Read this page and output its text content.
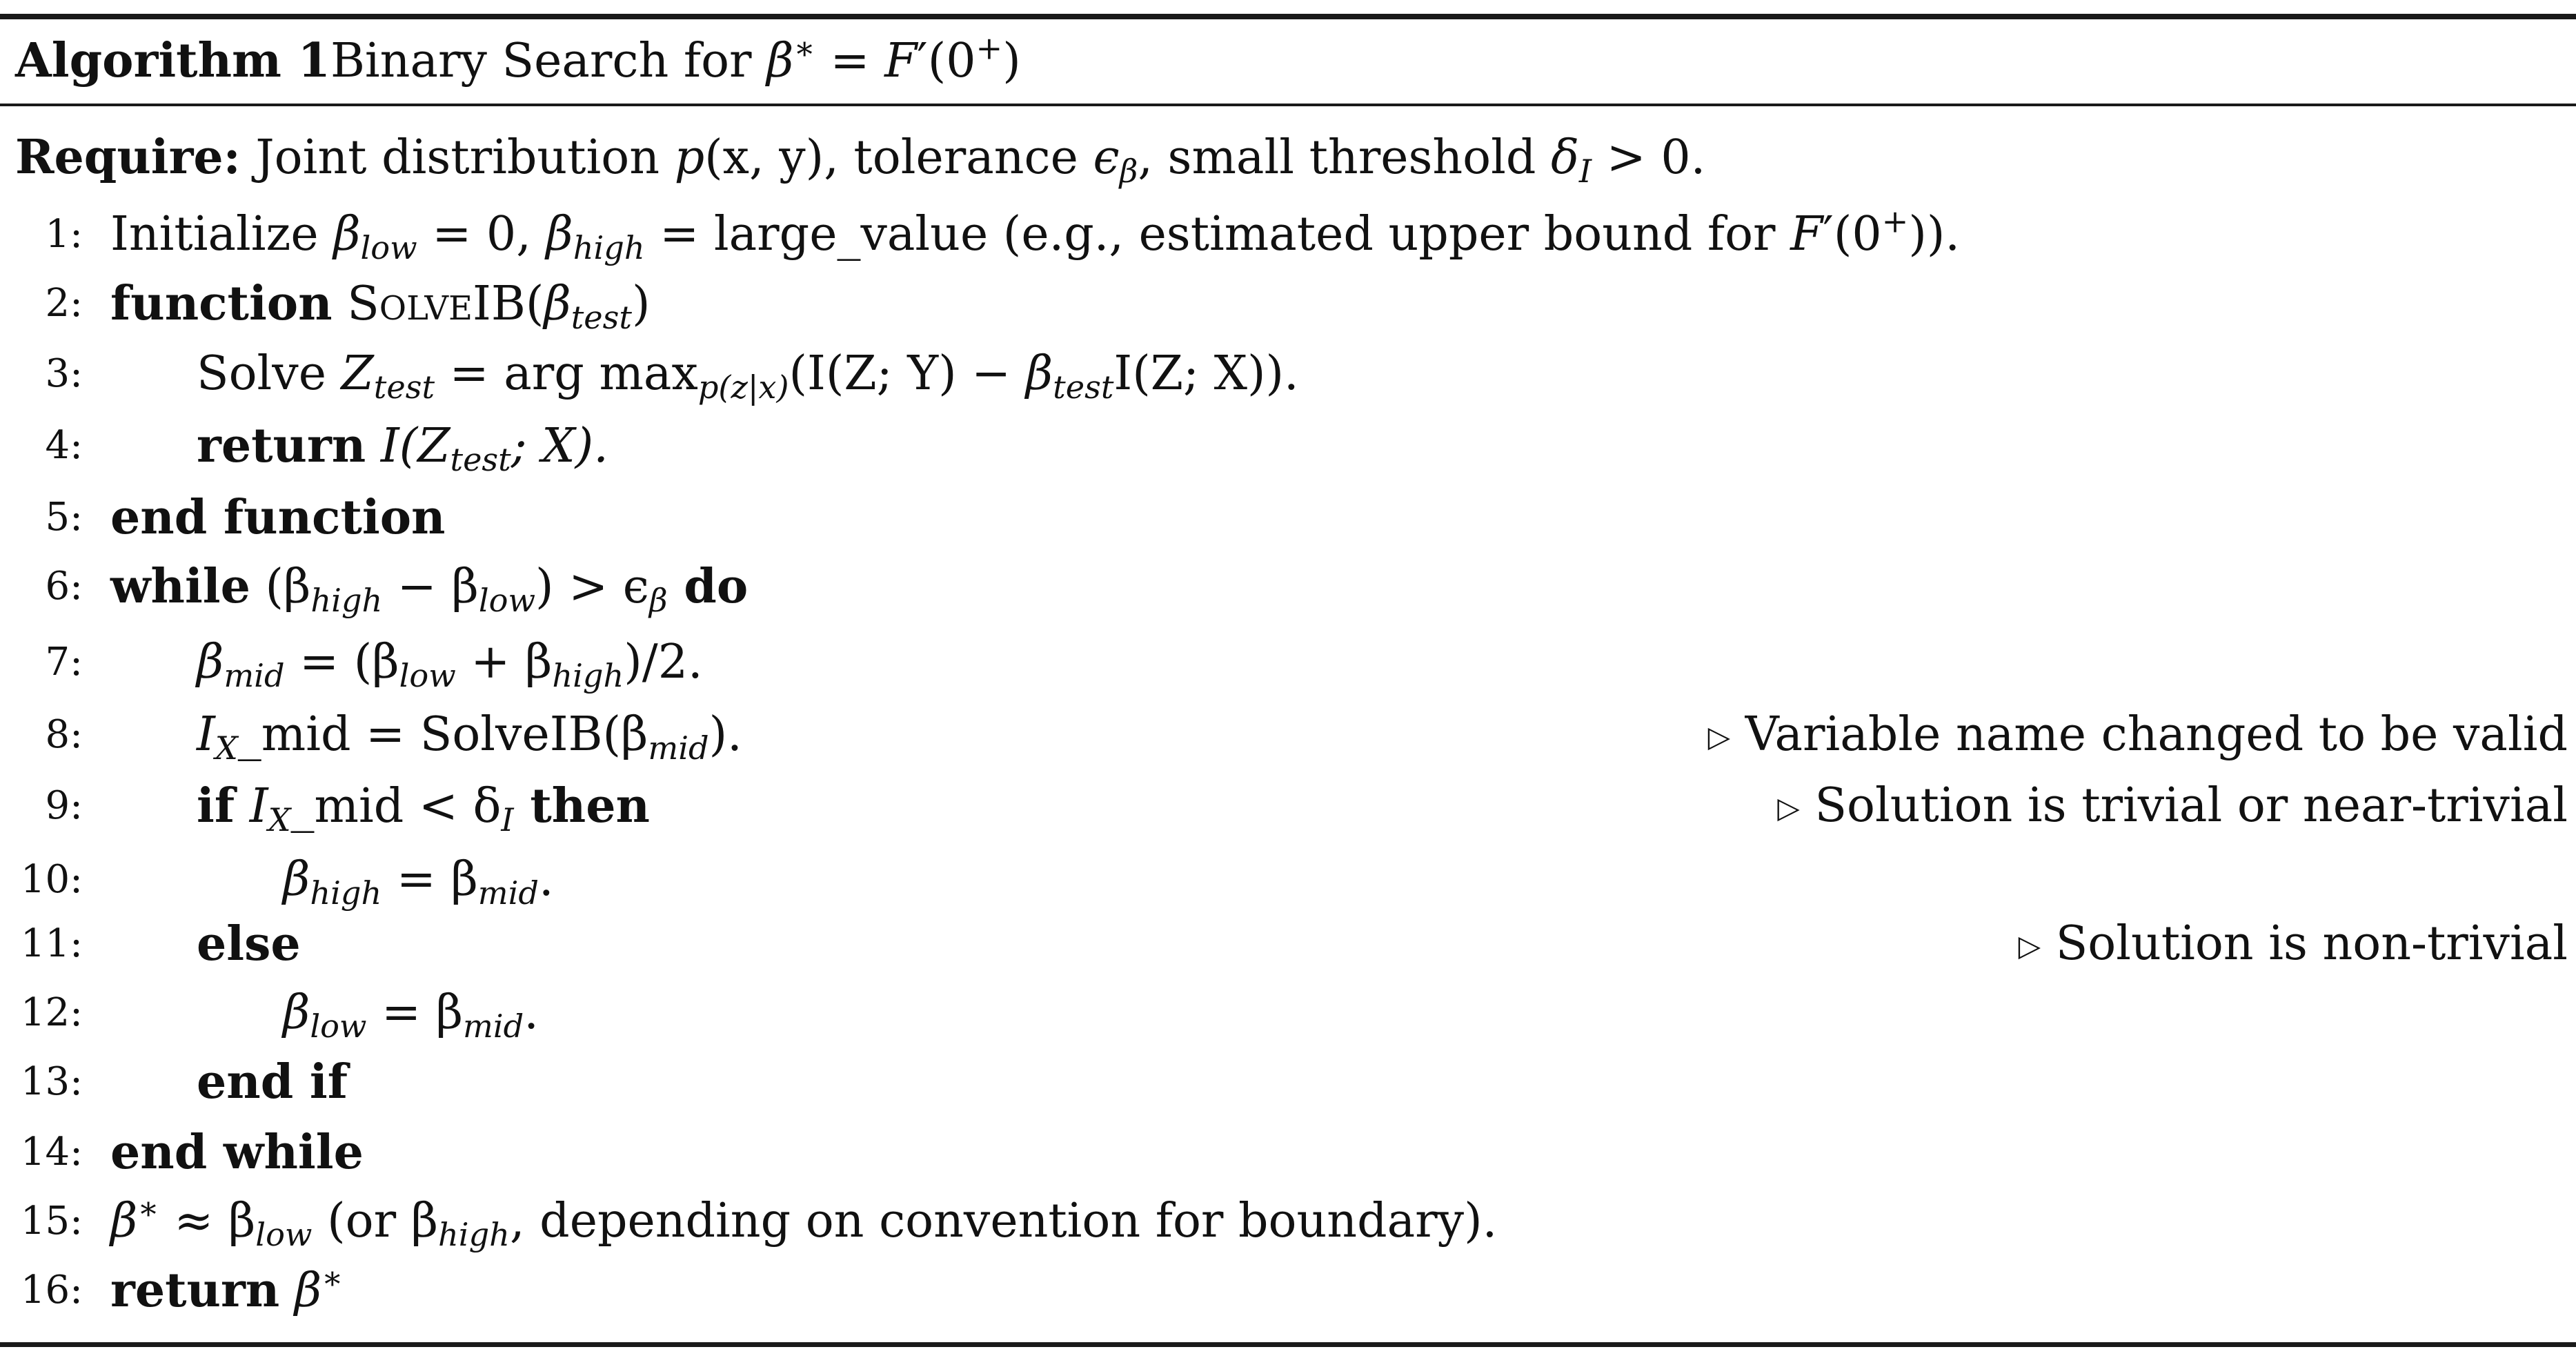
Algorithm 1Binary Search for β∗ = F′(0+)
Require: Joint distribution p(x, y), tolerance $\epsilon_\beta$, small threshold $\delta_I > 0$.
1: Initialize $\beta_{low} = 0$, $\beta_{high}$ = large_value (e.g., estimated upper bound for F′(0+)).
2: function $SolveIB(\beta_{test})$
3: Solve $Z_{test}$ = arg $\max_{p(z|x)}(I(Z$; $Y) - \beta_{test}I(Z$; X)).
4: return $I(Z_{test}$; X).
5: end function
6: while $(\beta_{high} - \beta_{low}) > \epsilon_\beta$ do
7: $\beta_{mid} = (\beta_{low} + \beta_{high})/2$.
8: $I_X\_mid$ = $SolveIB(\beta_{mid})$.	▷ Variable name changed to be valid
9: if $I_X\_mid < \delta_I$ then	▷ Solution is trivial or near-trivial
10:	$\beta_{high} = \beta_{mid}$.
11: else	▷ Solution is non-trivial
12:	$\beta_{low} = \beta_{mid}$.
13: end if
14: end while
15: $\beta^∗ \approx \beta_{low}$ (or $\beta_{high}$, depending on convention for boundary).
16: return β∗
